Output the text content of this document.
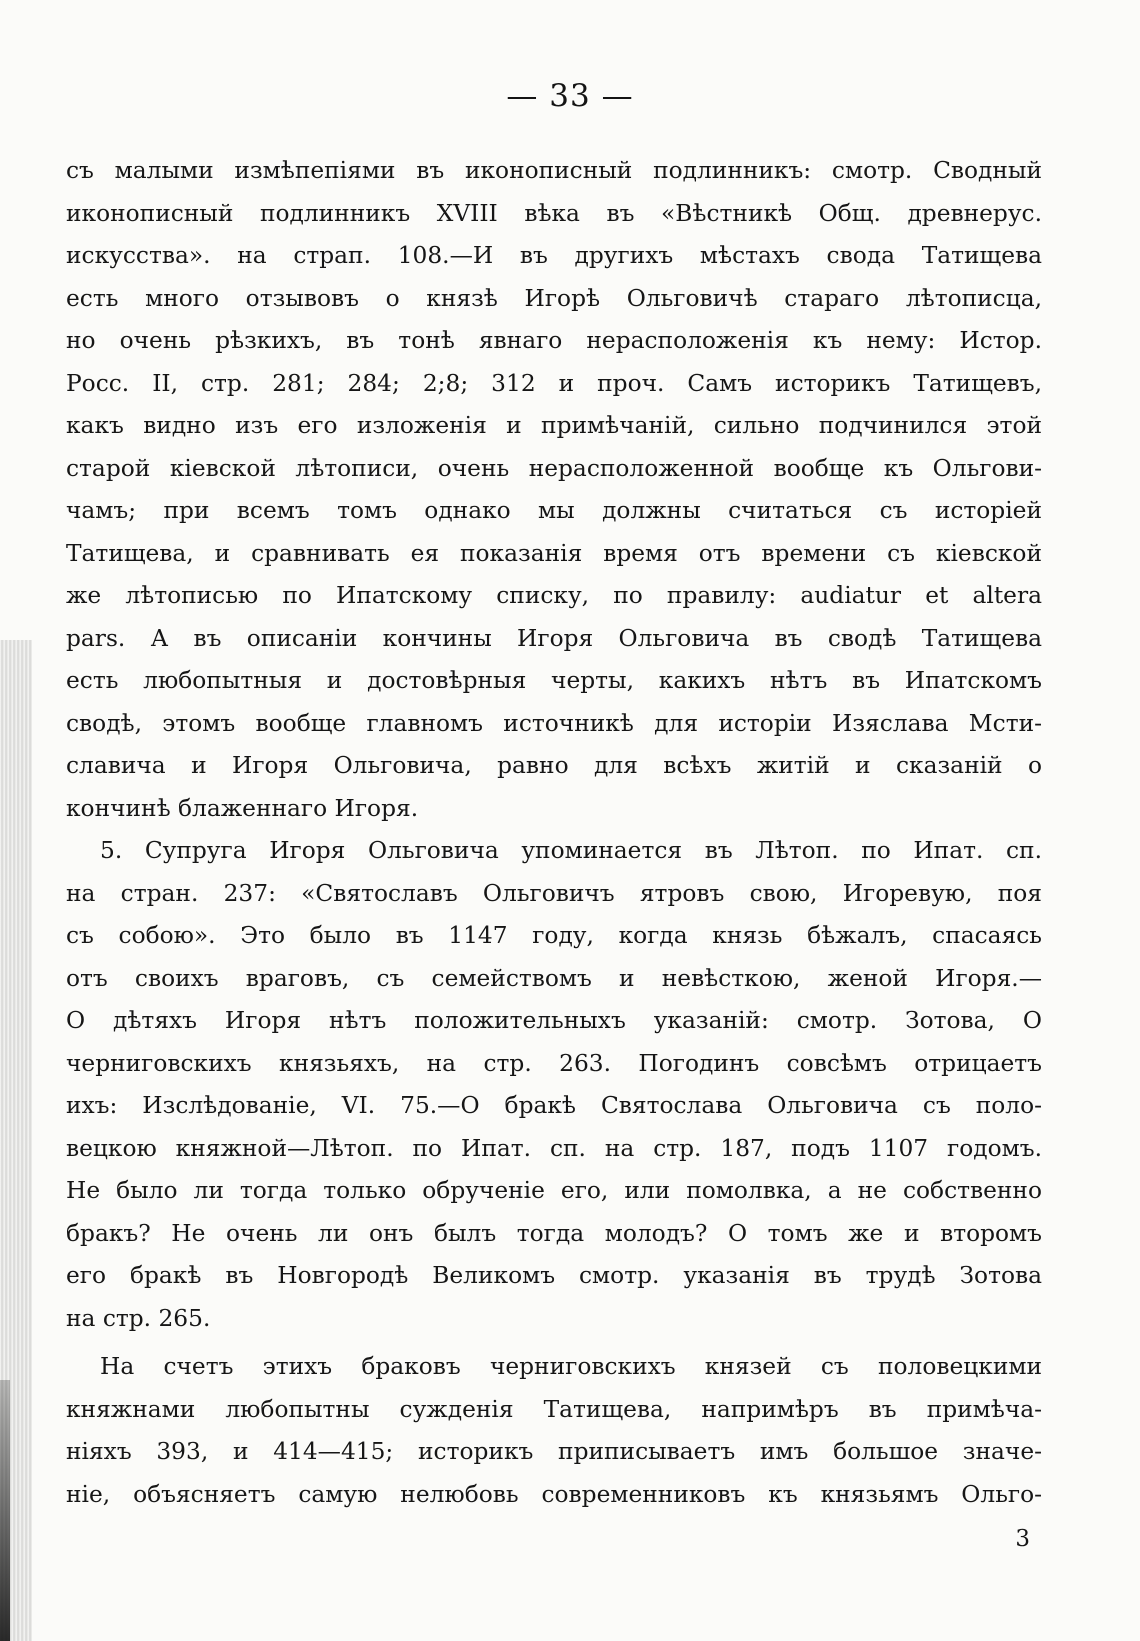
— 33 —
съ малыми измѣпепіями въ иконописный подлинникъ: смотр. Сводный
иконописный подлинникъ XVIII вѣка въ «Вѣстникѣ Общ. древнерус.
искусства». на страп. 108.—И въ другихъ мѣстахъ свода Татищева
есть много отзывовъ о князѣ Игорѣ Ольговичѣ стараго лѣтописца,
но очень рѣзкихъ, въ тонѣ явнаго нерасположенія къ нему: Истор.
Росс. II, стр. 281; 284; 2;8; 312 и проч. Самъ историкъ Татищевъ,
какъ видно изъ его изложенія и примѣчаній, сильно подчинился этой
старой кіевской лѣтописи, очень нерасположенной вообще къ Ольгови-
чамъ; при всемъ томъ однако мы должны считаться съ исторіей
Татищева, и сравнивать ея показанія время отъ времени съ кіевской
же лѣтописью по Ипатскому списку, по правилу: audiatur et altera
pars. А въ описаніи кончины Игоря Ольговича въ сводѣ Татищева
есть любопытныя и достовѣрныя черты, какихъ нѣтъ въ Ипатскомъ
сводѣ, этомъ вообще главномъ источникѣ для исторіи Изяслава Мсти-
славича и Игоря Ольговича, равно для всѣхъ житій и сказаній о
кончинѣ блаженнаго Игоря.
5. Супруга Игоря Ольговича упоминается въ Лѣтоп. по Ипат. сп.
на стран. 237: «Святославъ Ольговичъ ятровъ свою, Игоревую, поя
съ собою». Это было въ 1147 году, когда князь бѣжалъ, спасаясь
отъ своихъ враговъ, съ семействомъ и невѣсткою, женой Игоря.—
О дѣтяхъ Игоря нѣтъ положительныхъ указаній: смотр. Зотова, О
черниговскихъ князьяхъ, на стр. 263. Погодинъ совсѣмъ отрицаетъ
ихъ: Изслѣдованіе, VI. 75.—О бракѣ Святослава Ольговича съ поло-
вецкою княжной—Лѣтоп. по Ипат. сп. на стр. 187, подъ 1107 годомъ.
Не было ли тогда только обрученіе его, или помолвка, а не собственно
бракъ? Не очень ли онъ былъ тогда молодъ? О томъ же и второмъ
его бракѣ въ Новгородѣ Великомъ смотр. указанія въ трудѣ Зотова
на стр. 265.
На счетъ этихъ браковъ черниговскихъ князей съ половецкими
княжнами любопытны сужденія Татищева, напримѣръ въ примѣча-
ніяхъ 393, и 414—415; историкъ приписываетъ имъ большое значе-
ніе, объясняетъ самую нелюбовь современниковъ къ князьямъ Ольго-
3
